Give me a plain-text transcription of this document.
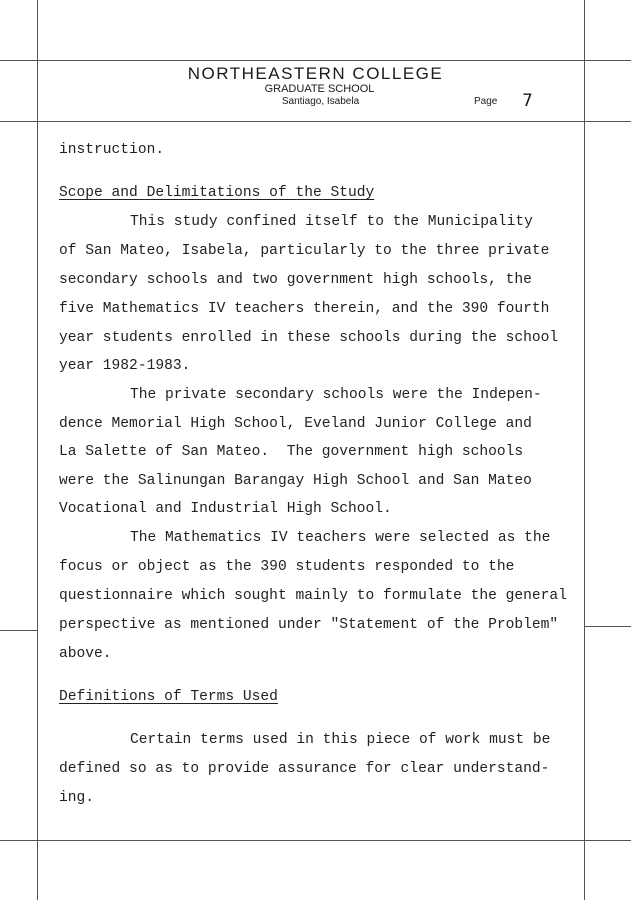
NORTHEASTERN COLLEGE
GRADUATE SCHOOL
Santiago, Isabela	Page 7
instruction.
Scope and Delimitations of the Study
This study confined itself to the Municipality
of San Mateo, Isabela, particularly to the three private
secondary schools and two government high schools, the
five Mathematics IV teachers therein, and the 390 fourth
year students enrolled in these schools during the school
year 1982-1983.
The private secondary schools were the Indepen-
dence Memorial High School, Eveland Junior College and
La Salette of San Mateo.  The government high schools
were the Salinungan Barangay High School and San Mateo
Vocational and Industrial High School.
The Mathematics IV teachers were selected as the
focus or object as the 390 students responded to the
questionnaire which sought mainly to formulate the general
perspective as mentioned under "Statement of the Problem"
above.
Definitions of Terms Used
Certain terms used in this piece of work must be
defined so as to provide assurance for clear understand-
ing.
